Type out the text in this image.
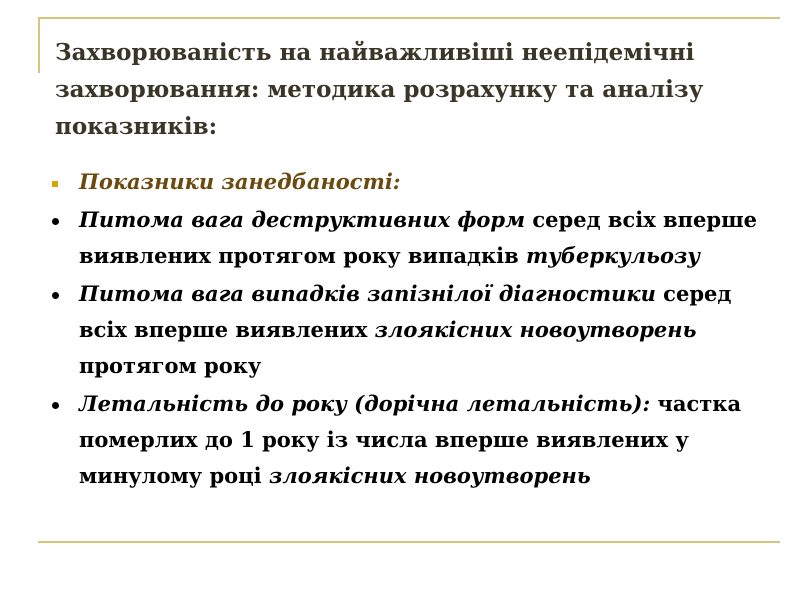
Захворюваність на найважливіші неепідемічні захворювання: методика розрахунку та аналізу показників:
Показники занедбаності:
Питома вага деструктивних форм серед всіх вперше виявлених протягом року випадків туберкульозу
Питома вага випадків запізнілої діагностики серед всіх вперше виявлених злоякісних новоутворень протягом року
Летальність до року (дорічна летальність): частка померлих до 1 року із числа вперше виявлених у минулому році злоякісних новоутворень
